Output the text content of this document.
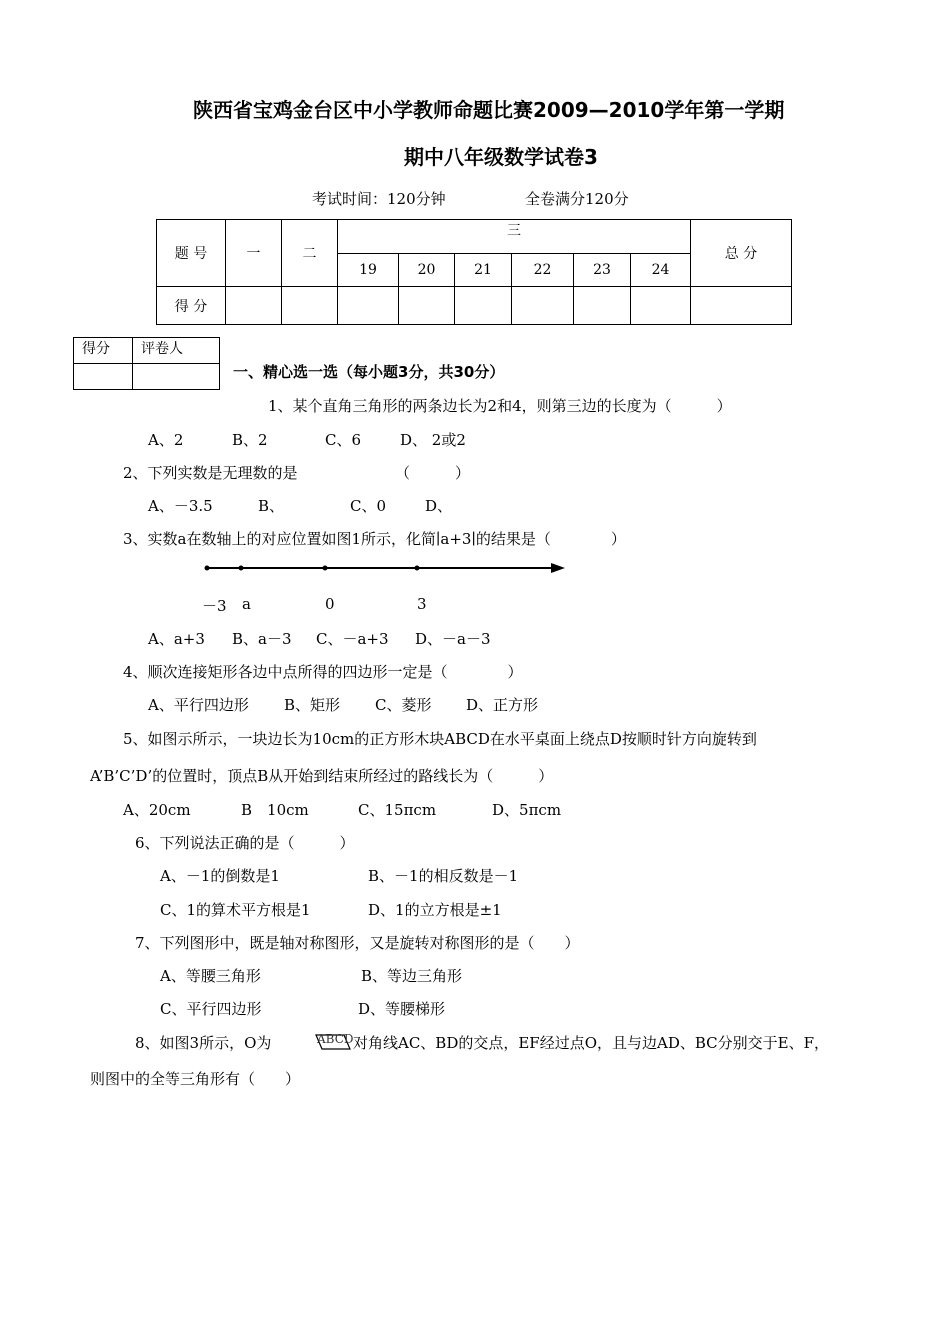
陕西省宝鸡金台区中小学教师命题比赛2009—2010学年第一学期
期中八年级数学试卷3
考试时间：120分钟	全卷满分120分
题 号	一	二	三						总 分
			19	20	21	22	23	24	
得 分									
得分	评卷人

一、精心选一选（每小题3分，共30分）
1、某个直角三角形的两条边长为2和4，则第三边的长度为（　　　）
A、2	B、2	C、6	D、 2或2
2、下列实数是无理数的是　　　　　　　（　　　）
A、－3.5	B、	C、0	D、
3、实数a在数轴上的对应位置如图1所示，化简∣a+3∣的结果是（　　　　）
－3 a	0	3
A、a+3 B、a－3 C、－a+3 D、－a－3
4、顺次连接矩形各边中点所得的四边形一定是（　　　　）
A、平行四边形 B、矩形 C、菱形 D、正方形
5、如图示所示，一块边长为10cm的正方形木块ABCD在水平桌面上绕点D按顺时针方向旋转到
A’B’C’D’的位置时，顶点B从开始到结束所经过的路线长为（　　　）
A、20cm	B　10cm	C、15πcm	D、5πcm
6、下列说法正确的是（　　　）
A、－1的倒数是1	B、－1的相反数是－1
C、1的算术平方根是1	D、1的立方根是±1
7、下列图形中，既是轴对称图形，又是旋转对称图形的是（　　）
A、等腰三角形	B、等边三角形
C、平行四边形	D、等腰梯形
8、如图3所示，O为	ABCD 对角线AC、BD的交点，EF经过点O，且与边AD、BC分别交于E、F，
则图中的全等三角形有（　　）
